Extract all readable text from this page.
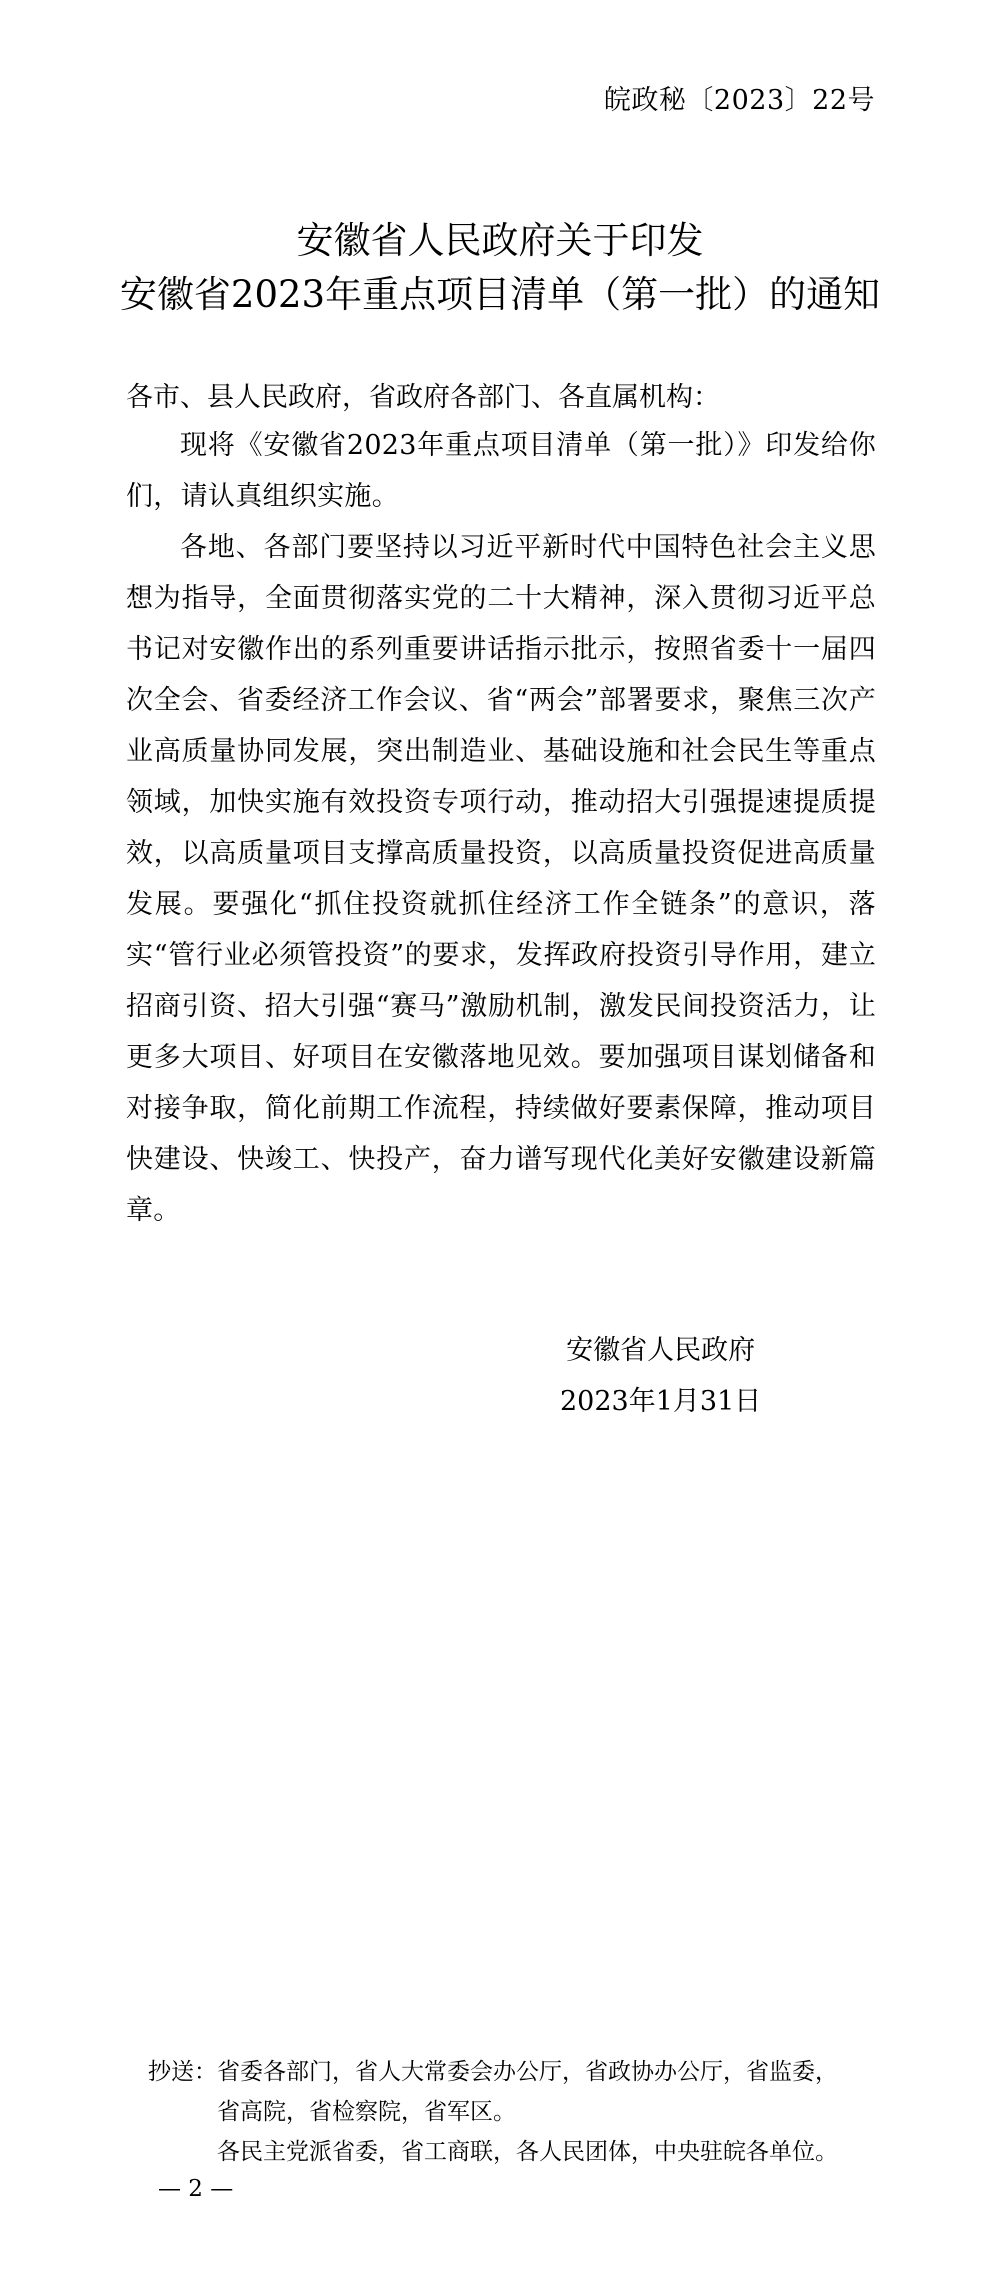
皖政秘〔2023〕22号
安徽省人民政府关于印发
安徽省2023年重点项目清单（第一批）的通知
各市、县人民政府，省政府各部门、各直属机构：

现将《安徽省2023年重点项目清单（第一批）》印发给你们，请认真组织实施。

各地、各部门要坚持以习近平新时代中国特色社会主义思想为指导，全面贯彻落实党的二十大精神，深入贯彻习近平总书记对安徽作出的系列重要讲话指示批示，按照省委十一届四次全会、省委经济工作会议、省“两会”部署要求，聚焦三次产业高质量协同发展，突出制造业、基础设施和社会民生等重点领域，加快实施有效投资专项行动，推动招大引强提速提质提效，以高质量项目支撑高质量投资，以高质量投资促进高质量发展。要强化“抓住投资就抓住经济工作全链条”的意识，落实“管行业必须管投资”的要求，发挥政府投资引导作用，建立招商引资、招大引强“赛马”激励机制，激发民间投资活力，让更多大项目、好项目在安徽落地见效。要加强项目谋划储备和对接争取，简化前期工作流程，持续做好要素保障，推动项目快建设、快竣工、快投产，奋力谱写现代化美好安徽建设新篇章。

安徽省人民政府
2023年1月31日
抄送：省委各部门，省人大常委会办公厅，省政协办公厅，省监委，
省高院，省检察院，省军区。
各民主党派省委，省工商联，各人民团体，中央驻皖各单位。
— 2 —
